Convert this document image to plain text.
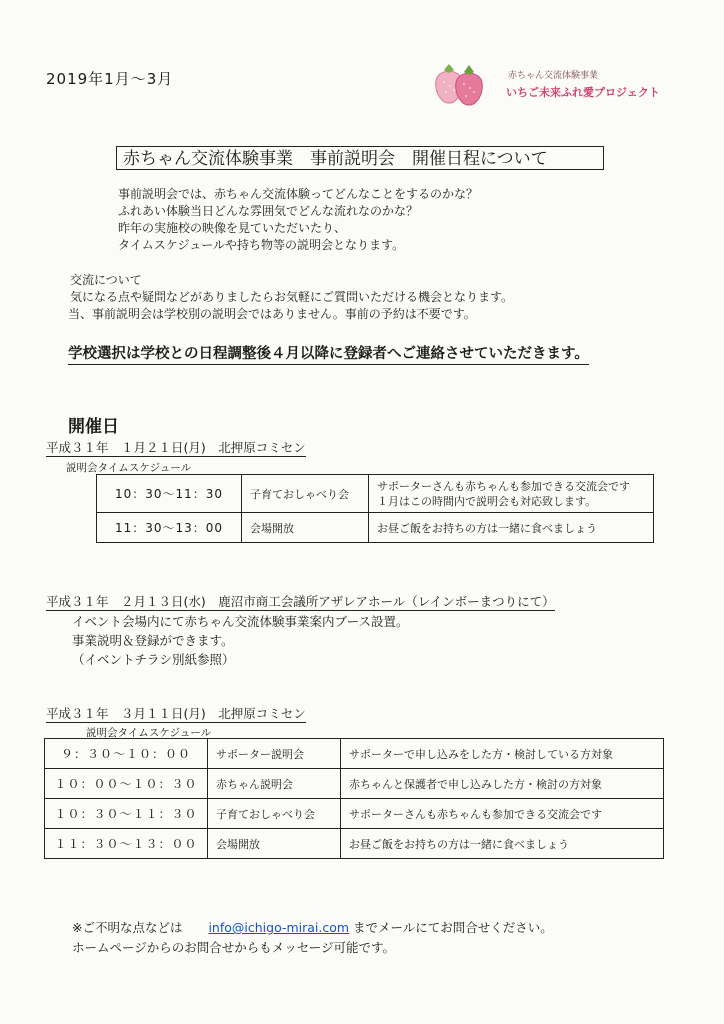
2019年1月～3月	赤ちゃん交流体験事業
いちご未来ふれ愛プロジェクト
赤ちゃん交流体験事業　事前説明会　開催日程について
事前説明会では、赤ちゃん交流体験ってどんなことをするのかな？
ふれあい体験当日どんな雰囲気でどんな流れなのかな？
昨年の実施校の映像を見ていただいたり、
タイムスケジュールや持ち物等の説明会となります。
交流について
気になる点や疑問などがありましたらお気軽にご質問いただける機会となります。
当、事前説明会は学校別の説明会ではありません。事前の予約は不要です。
学校選択は学校との日程調整後４月以降に登録者へご連絡させていただきます。
開催日
平成３１年　１月２１日(月)　北押原コミセン
説明会タイムスケジュール
10：30～11：30	子育ておしゃべり会	サポーターさんも赤ちゃんも参加できる交流会です
１月はこの時間内で説明会も対応致します。

11：30～13：00	会場開放	お昼ご飯をお持ちの方は一緒に食べましょう
平成３１年　２月１３日(水)　鹿沼市商工会議所アザレアホール（レインボーまつりにて）
イベント会場内にて赤ちゃん交流体験事業案内ブース設置。
事業説明＆登録ができます。
（イベントチラシ別紙参照）
平成３１年　３月１１日(月)　北押原コミセン
説明会タイムスケジュール
９：３０～１０：００	サポーター説明会	サポーターで申し込みをした方・検討している方対象
１０：００～１０：３０	赤ちゃん説明会	赤ちゃんと保護者で申し込みした方・検討の方対象
１０：３０～１１：３０	子育ておしゃべり会	サポーターさんも赤ちゃんも参加できる交流会です
１１：３０～１３：００	会場開放	お昼ご飯をお持ちの方は一緒に食べましょう
※ご不明な点などは info@ichigo-mirai.com までメールにてお問合せください。
ホームページからのお問合せからもメッセージ可能です。
